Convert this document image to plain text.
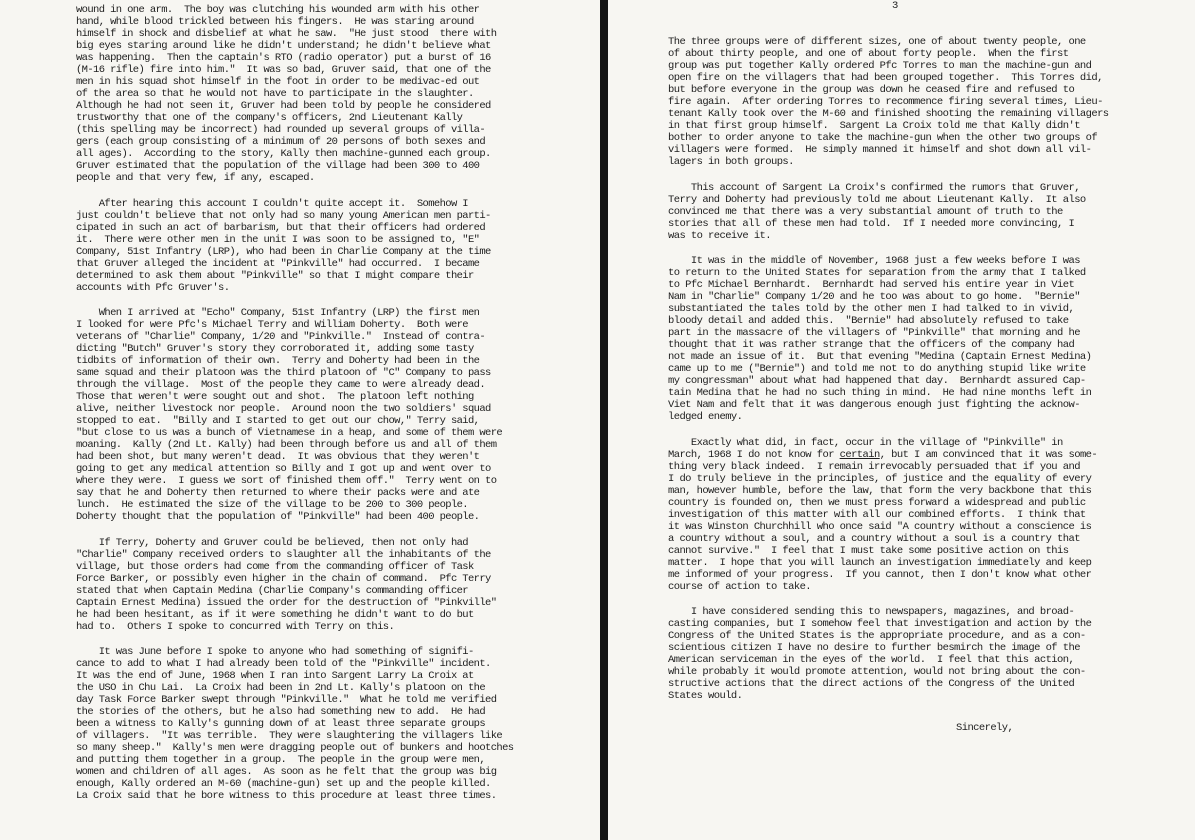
wound in one arm.  The boy was clutching his wounded arm with his other
hand, while blood trickled between his fingers.  He was staring around
himself in shock and disbelief at what he saw.  "He just stood  there with
big eyes staring around like he didn't understand; he didn't believe what
was happening.  Then the captain's RTO (radio operator) put a burst of 16
(M-16 rifle) fire into him."  It was so bad, Gruver said, that one of the
men in his squad shot himself in the foot in order to be medivac-ed out
of the area so that he would not have to participate in the slaughter.
Although he had not seen it, Gruver had been told by people he considered
trustworthy that one of the company's officers, 2nd Lieutenant Kally
(this spelling may be incorrect) had rounded up several groups of villa-
gers (each group consisting of a minimum of 20 persons of both sexes and
all ages).  According to the story, Kally then machine-gunned each group.
Gruver estimated that the population of the village had been 300 to 400
people and that very few, if any, escaped.
After hearing this account I couldn't quite accept it.  Somehow I
just couldn't believe that not only had so many young American men parti-
cipated in such an act of barbarism, but that their officers had ordered
it.  There were other men in the unit I was soon to be assigned to, "E"
Company, 51st Infantry (LRP), who had been in Charlie Company at the time
that Gruver alleged the incident at "Pinkville" had occurred.  I became
determined to ask them about "Pinkville" so that I might compare their
accounts with Pfc Gruver's.
When I arrived at "Echo" Company, 51st Infantry (LRP) the first men
I looked for were Pfc's Michael Terry and William Doherty.  Both were
veterans of "Charlie" Company, 1/20 and "Pinkville."  Instead of contra-
dicting "Butch" Gruver's story they corroborated it, adding some tasty
tidbits of information of their own.  Terry and Doherty had been in the
same squad and their platoon was the third platoon of "C" Company to pass
through the village.  Most of the people they came to were already dead.
Those that weren't were sought out and shot.  The platoon left nothing
alive, neither livestock nor people.  Around noon the two soldiers' squad
stopped to eat.  "Billy and I started to get out our chow," Terry said,
"but close to us was a bunch of Vietnamese in a heap, and some of them were
moaning.  Kally (2nd Lt. Kally) had been through before us and all of them
had been shot, but many weren't dead.  It was obvious that they weren't
going to get any medical attention so Billy and I got up and went over to
where they were.  I guess we sort of finished them off."  Terry went on to
say that he and Doherty then returned to where their packs were and ate
lunch.  He estimated the size of the village to be 200 to 300 people.
Doherty thought that the population of "Pinkville" had been 400 people.
If Terry, Doherty and Gruver could be believed, then not only had
"Charlie" Company received orders to slaughter all the inhabitants of the
village, but those orders had come from the commanding officer of Task
Force Barker, or possibly even higher in the chain of command.  Pfc Terry
stated that when Captain Medina (Charlie Company's commanding officer
Captain Ernest Medina) issued the order for the destruction of "Pinkville"
he had been hesitant, as if it were something he didn't want to do but
had to.  Others I spoke to concurred with Terry on this.
It was June before I spoke to anyone who had something of signifi-
cance to add to what I had already been told of the "Pinkville" incident.
It was the end of June, 1968 when I ran into Sargent Larry La Croix at
the USO in Chu Lai.  La Croix had been in 2nd Lt. Kally's platoon on the
day Task Force Barker swept through "Pinkville."  What he told me verified
the stories of the others, but he also had something new to add.  He had
been a witness to Kally's gunning down of at least three separate groups
of villagers.  "It was terrible.  They were slaughtering the villagers like
so many sheep."  Kally's men were dragging people out of bunkers and hootches
and putting them together in a group.  The people in the group were men,
women and children of all ages.  As soon as he felt that the group was big
enough, Kally ordered an M-60 (machine-gun) set up and the people killed.
La Croix said that he bore witness to this procedure at least three times.
3
The three groups were of different sizes, one of about twenty people, one
of about thirty people, and one of about forty people.  When the first
group was put together Kally ordered Pfc Torres to man the machine-gun and
open fire on the villagers that had been grouped together.  This Torres did,
but before everyone in the group was down he ceased fire and refused to
fire again.  After ordering Torres to recommence firing several times, Lieu-
tenant Kally took over the M-60 and finished shooting the remaining villagers
in that first group himself.  Sargent La Croix told me that Kally didn't
bother to order anyone to take the machine-gun when the other two groups of
villagers were formed.  He simply manned it himself and shot down all vil-
lagers in both groups.
This account of Sargent La Croix's confirmed the rumors that Gruver,
Terry and Doherty had previously told me about Lieutenant Kally.  It also
convinced me that there was a very substantial amount of truth to the
stories that all of these men had told.  If I needed more convincing, I
was to receive it.
It was in the middle of November, 1968 just a few weeks before I was
to return to the United States for separation from the army that I talked
to Pfc Michael Bernhardt.  Bernhardt had served his entire year in Viet
Nam in "Charlie" Company 1/20 and he too was about to go home.  "Bernie"
substantiated the tales told by the other men I had talked to in vivid,
bloody detail and added this.  "Bernie" had absolutely refused to take
part in the massacre of the villagers of "Pinkville" that morning and he
thought that it was rather strange that the officers of the company had
not made an issue of it.  But that evening "Medina (Captain Ernest Medina)
came up to me ("Bernie") and told me not to do anything stupid like write
my congressman" about what had happened that day.  Bernhardt assured Cap-
tain Medina that he had no such thing in mind.  He had nine months left in
Viet Nam and felt that it was dangerous enough just fighting the acknow-
ledged enemy.
Exactly what did, in fact, occur in the village of "Pinkville" in
March, 1968 I do not know for certain, but I am convinced that it was some-
thing very black indeed.  I remain irrevocably persuaded that if you and
I do truly believe in the principles, of justice and the equality of every
man, however humble, before the law, that form the very backbone that this
country is founded on, then we must press forward a widespread and public
investigation of this matter with all our combined efforts.  I think that
it was Winston Churchhill who once said "A country without a conscience is
a country without a soul, and a country without a soul is a country that
cannot survive."  I feel that I must take some positive action on this
matter.  I hope that you will launch an investigation immediately and keep
me informed of your progress.  If you cannot, then I don't know what other
course of action to take.
I have considered sending this to newspapers, magazines, and broad-
casting companies, but I somehow feel that investigation and action by the
Congress of the United States is the appropriate procedure, and as a con-
scientious citizen I have no desire to further besmirch the image of the
American serviceman in the eyes of the world.  I feel that this action,
while probably it would promote attention, would not bring about the con-
structive actions that the direct actions of the Congress of the United
States would.
Sincerely,
